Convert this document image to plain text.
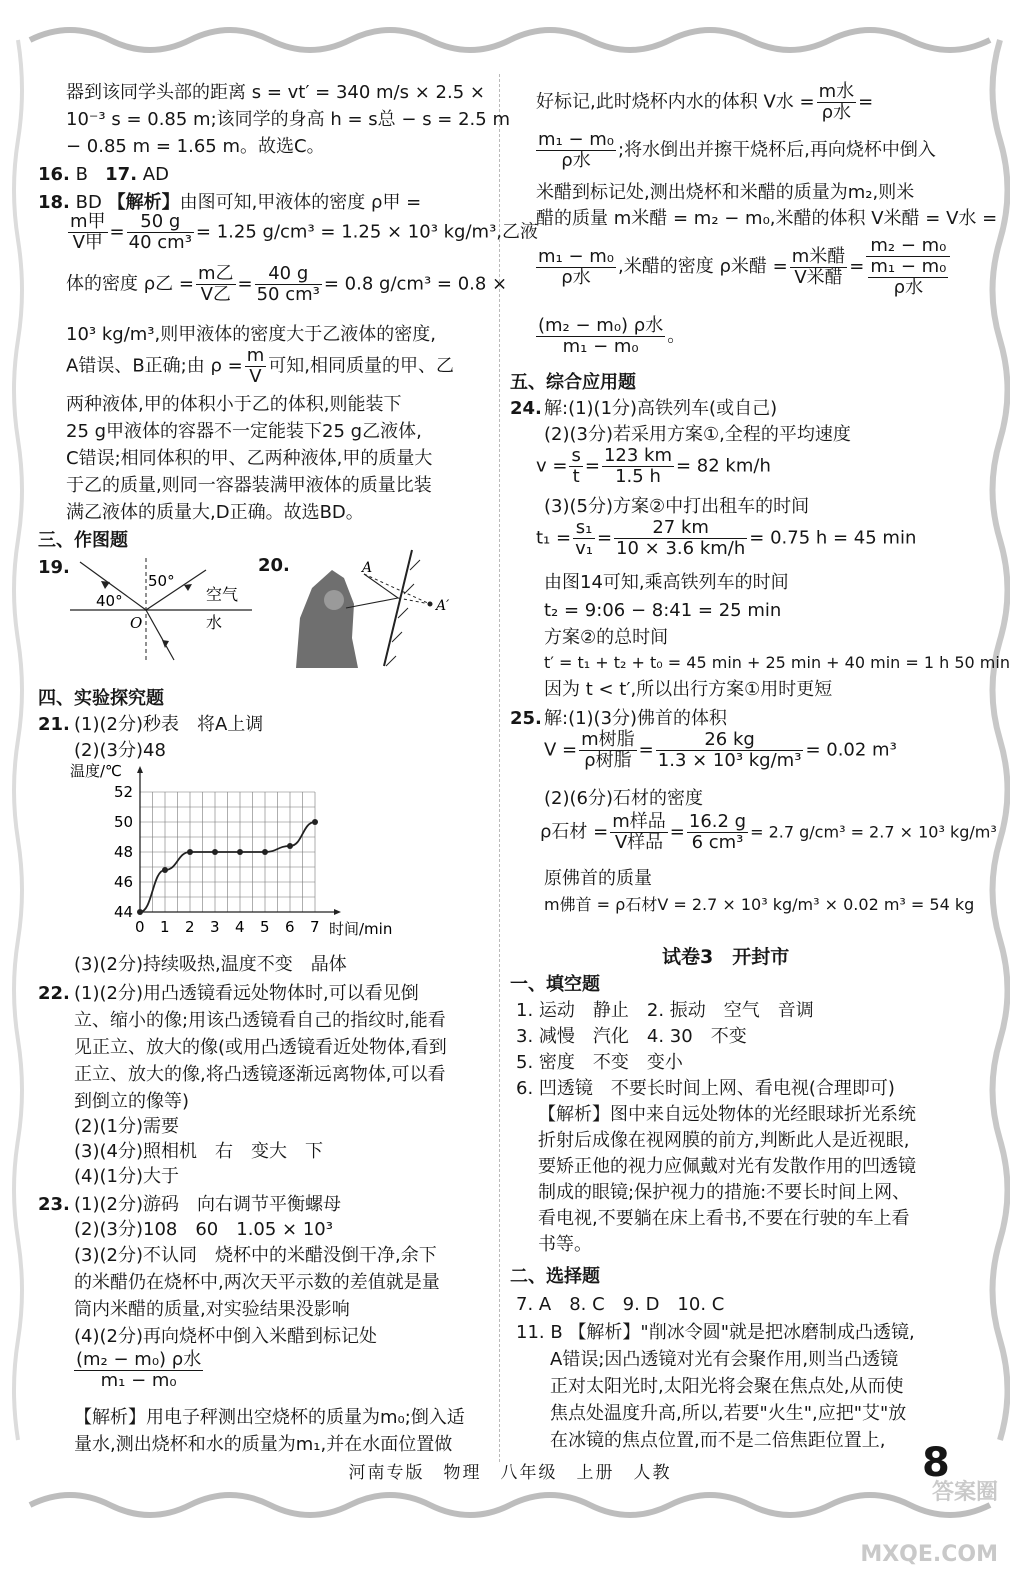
器到该同学头部的距离 s = vt′ = 340 m/s × 2.5 ×
10⁻³ s = 0.85 m;该同学的身高 h = s总 − s = 2.5 m
− 0.85 m = 1.65 m。故选C。
16. B 17. AD
18. BD 【解析】由图可知,甲液体的密度 ρ甲 =
m甲
V甲 = $\frac{50 g}{\text{40 cm³}} = 1.25$ g/cm³ = 1.25 × 10³ kg/m³,乙液
体的密度 ρ乙 = m乙
V乙 = $\frac{40 g}{\text{50 cm³}} = 0.8$ g/cm³ = 0.8 ×
10³ kg/m³,则甲液体的密度大于乙液体的密度,
A错误、B正确;由 $\rho = \frac{m}{V}$ 可知,相同质量的甲、乙
两种液体,甲的体积小于乙的体积,则能装下
25 g甲液体的容器不一定能装下25 g乙液体,
C错误;相同体积的甲、乙两种液体,甲的质量大
于乙的质量,则同一容器装满甲液体的质量比装
满乙液体的质量大,D正确。故选BD。
三、作图题
19.
50°
40°
O
空气
水
20.	A
A′
四、实验探究题
21. (1)(2分)秒表　将A上调
(2)(3分)48
0 1 2 3 4 5 6 7
44
46
48
50
52
时间/min
温度/℃
(3)(2分)持续吸热,温度不变　晶体
22. (1)(2分)用凸透镜看远处物体时,可以看见倒
立、缩小的像;用该凸透镜看自己的指纹时,能看
见正立、放大的像(或用凸透镜看近处物体,看到
正立、放大的像,将凸透镜逐渐远离物体,可以看
到倒立的像等)
(2)(1分)需要
(3)(4分)照相机　右　变大　下
(4)(1分)大于
23. (1)(2分)游码　向右调节平衡螺母
(2)(3分)108　60　1.05 × 10³
(3)(2分)不认同　烧杯中的米醋没倒干净,余下
的米醋仍在烧杯中,两次天平示数的差值就是量
筒内米醋的质量,对实验结果没影响
(4)(2分)再向烧杯中倒入米醋到标记处
(m₂ − m₀) ρ水
m₁ − m₀
【解析】用电子秤测出空烧杯的质量为m₀;倒入适
量水,测出烧杯和水的质量为m₁,并在水面位置做
好标记,此时烧杯内水的体积 V水 = m水
ρ水 =
m₁ − m₀
ρ水	;将水倒出并擦干烧杯后,再向烧杯中倒入
米醋到标记处,测出烧杯和米醋的质量为m₂,则米
醋的质量 m米醋 = m₂ − m₀,米醋的体积 V米醋 = V水 =
m₁ − m₀
ρ水	,米醋的密度 ρ米醋 = m米醋
V米醋 =
m₂ − m₀
m₁ − m₀
ρ水
(m₂ − m₀) ρ水
m₁ − m₀	。
五、综合应用题
24. 解:(1)(1分)高铁列车(或自己)
(2)(3分)若采用方案①,全程的平均速度
$v = \frac{s}{t} = \frac{123 km}{1.5 h} = 82$ km/h
(3)(5分)方案②中打出租车的时间
$t_1 = \frac{\text{s₁}}{\text{v₁}} = \frac{27 km}{10 \times 3.6 km/h} = 0.75$ h = 45 min
由图14可知,乘高铁列车的时间
t₂ = 9:06 − 8:41 = 25 min
方案②的总时间
t′ = t₁ + t₂ + t₀ = 45 min + 25 min + 40 min = 1 h 50 min
因为 t < t′,所以出行方案①用时更短
25. 解:(1)(3分)佛首的体积
V = m树脂
ρ树脂 = $\frac{26 kg}{\text{1.3 × 10³ kg/m³}} = 0.02$ m³
(2)(6分)石材的密度
ρ石材 = m样品
V样品 = $\frac{16.2 g}{\text{6 cm³}} = 2.7$ g/cm³ = 2.7 × 10³ kg/m³
原佛首的质量
m佛首 = ρ石材V = 2.7 × 10³ kg/m³ × 0.02 m³ = 54 kg
试卷3　开封市
一、填空题
1. 运动　静止　2. 振动　空气　音调
3. 减慢　汽化　4. 30　不变
5. 密度　不变　变小
6. 凹透镜　不要长时间上网、看电视(合理即可)
【解析】图中来自远处物体的光经眼球折光系统
折射后成像在视网膜的前方,判断此人是近视眼,
要矫正他的视力应佩戴对光有发散作用的凹透镜
制成的眼镜;保护视力的措施:不要长时间上网、
看电视,不要躺在床上看书,不要在行驶的车上看
书等。
二、选择题
7. A　8. C　9. D　10. C
11. B 【解析】"削冰令圆"就是把冰磨制成凸透镜,
A错误;因凸透镜对光有会聚作用,则当凸透镜
正对太阳光时,太阳光将会聚在焦点处,从而使
焦点处温度升高,所以,若要"火生",应把"艾"放
在冰镜的焦点位置,而不是二倍焦距位置上,
河南专版　物理　八年级　上册　人教	8
答案圈 MXQE.COM
